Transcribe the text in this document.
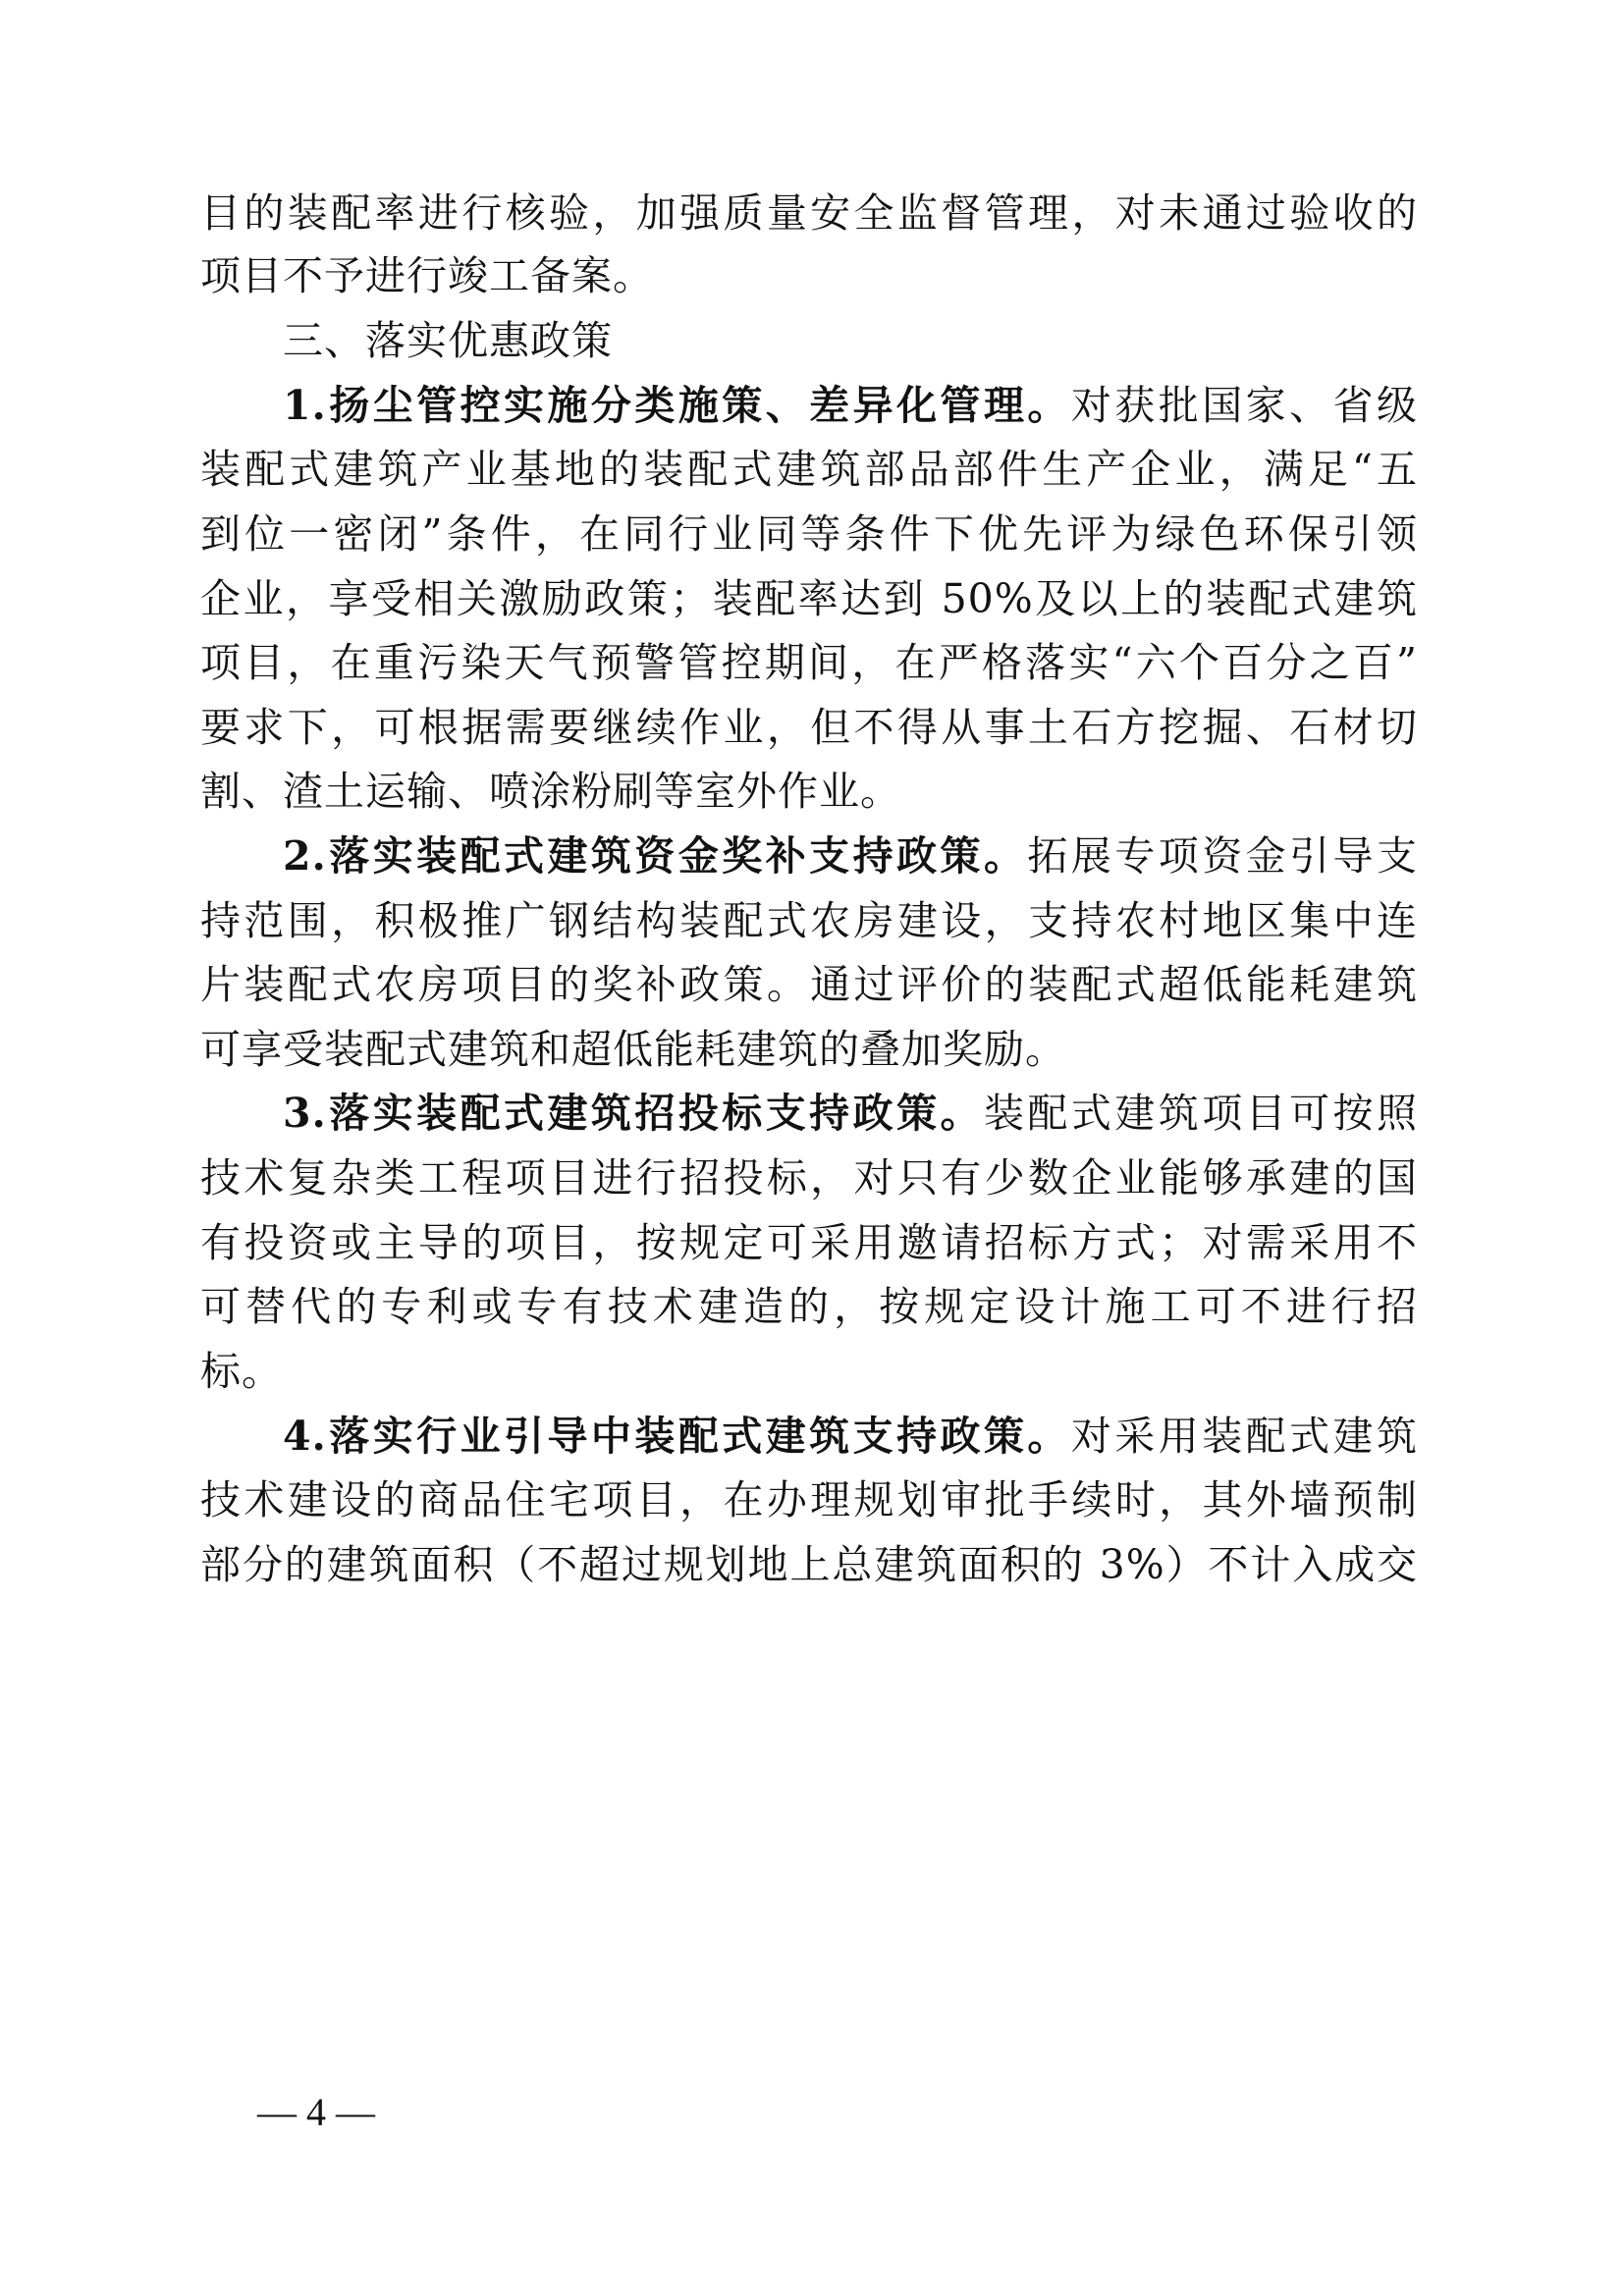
目的装配率进行核验，加强质量安全监督管理，对未通过验收的
项目不予进行竣工备案。
三、落实优惠政策
1.扬尘管控实施分类施策、差异化管理。对获批国家、省级
装配式建筑产业基地的装配式建筑部品部件生产企业，满足“五
到位一密闭”条件，在同行业同等条件下优先评为绿色环保引领
企业，享受相关激励政策；装配率达到 50%及以上的装配式建筑
项目，在重污染天气预警管控期间，在严格落实“六个百分之百”
要求下，可根据需要继续作业，但不得从事土石方挖掘、石材切
割、渣土运输、喷涂粉刷等室外作业。
2.落实装配式建筑资金奖补支持政策。拓展专项资金引导支
持范围，积极推广钢结构装配式农房建设，支持农村地区集中连
片装配式农房项目的奖补政策。通过评价的装配式超低能耗建筑
可享受装配式建筑和超低能耗建筑的叠加奖励。
3.落实装配式建筑招投标支持政策。装配式建筑项目可按照
技术复杂类工程项目进行招投标，对只有少数企业能够承建的国
有投资或主导的项目，按规定可采用邀请招标方式；对需采用不
可替代的专利或专有技术建造的，按规定设计施工可不进行招
标。
4.落实行业引导中装配式建筑支持政策。对采用装配式建筑
技术建设的商品住宅项目，在办理规划审批手续时，其外墙预制
部分的建筑面积（不超过规划地上总建筑面积的 3%）不计入成交
— 4 —
